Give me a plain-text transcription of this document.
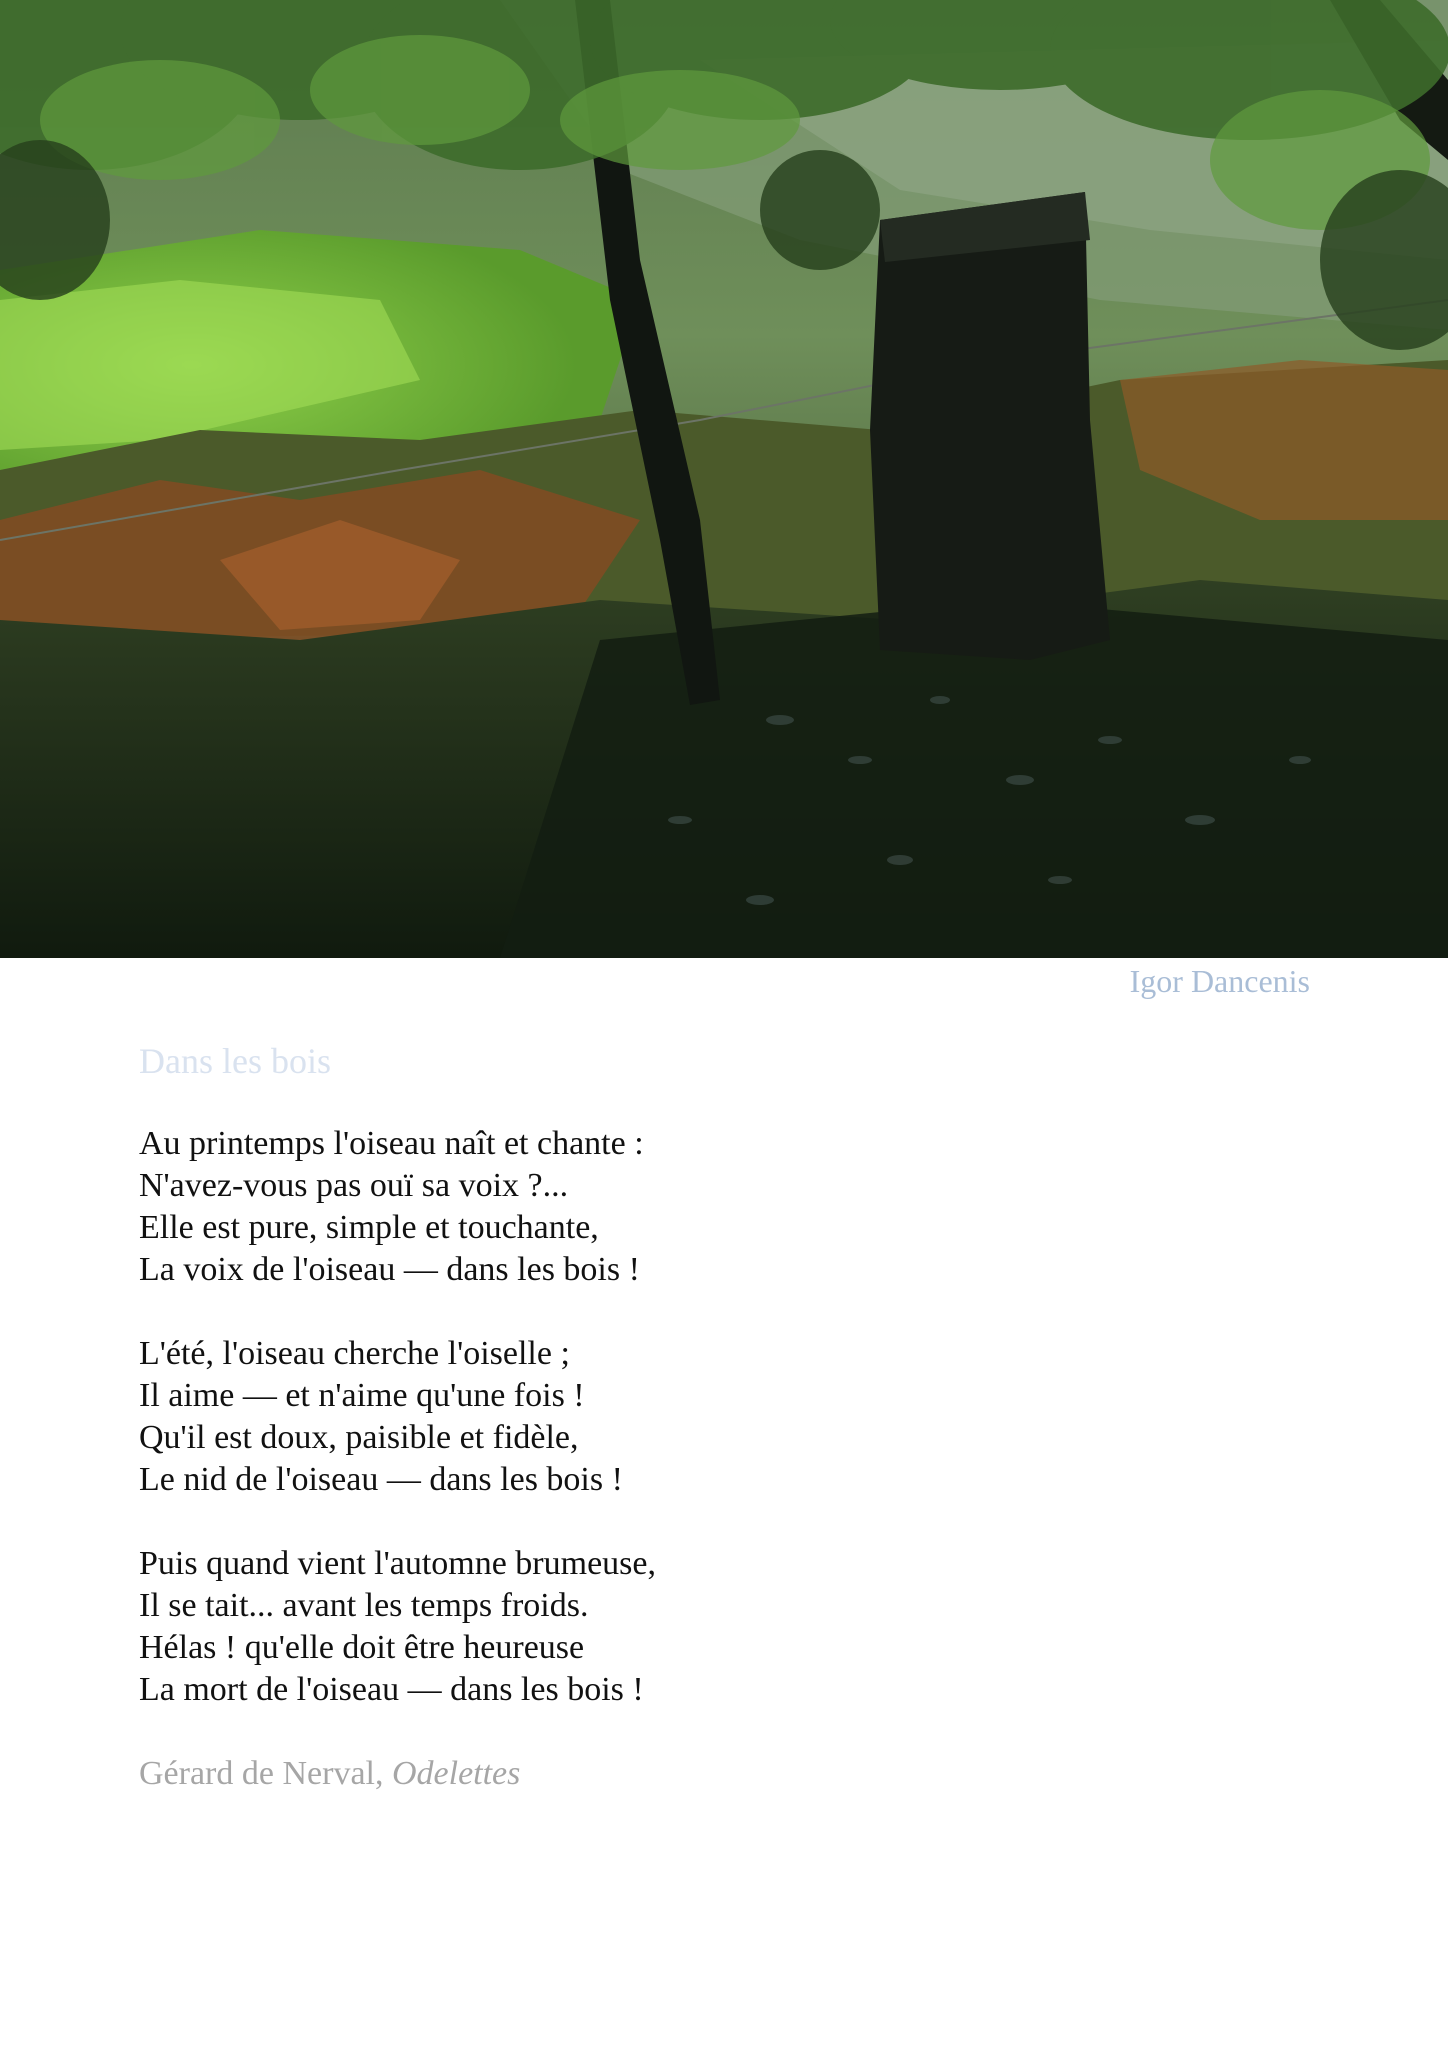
Igor Dancenis
Dans les bois
Au printemps l'oiseau naît et chante :
N'avez-vous pas ouï sa voix ?...
Elle est pure, simple et touchante,
La voix de l'oiseau — dans les bois !
L'été, l'oiseau cherche l'oiselle ;
Il aime — et n'aime qu'une fois !
Qu'il est doux, paisible et fidèle,
Le nid de l'oiseau — dans les bois !
Puis quand vient l'automne brumeuse,
Il se tait... avant les temps froids.
Hélas ! qu'elle doit être heureuse
La mort de l'oiseau — dans les bois !
Gérard de Nerval, Odelettes
